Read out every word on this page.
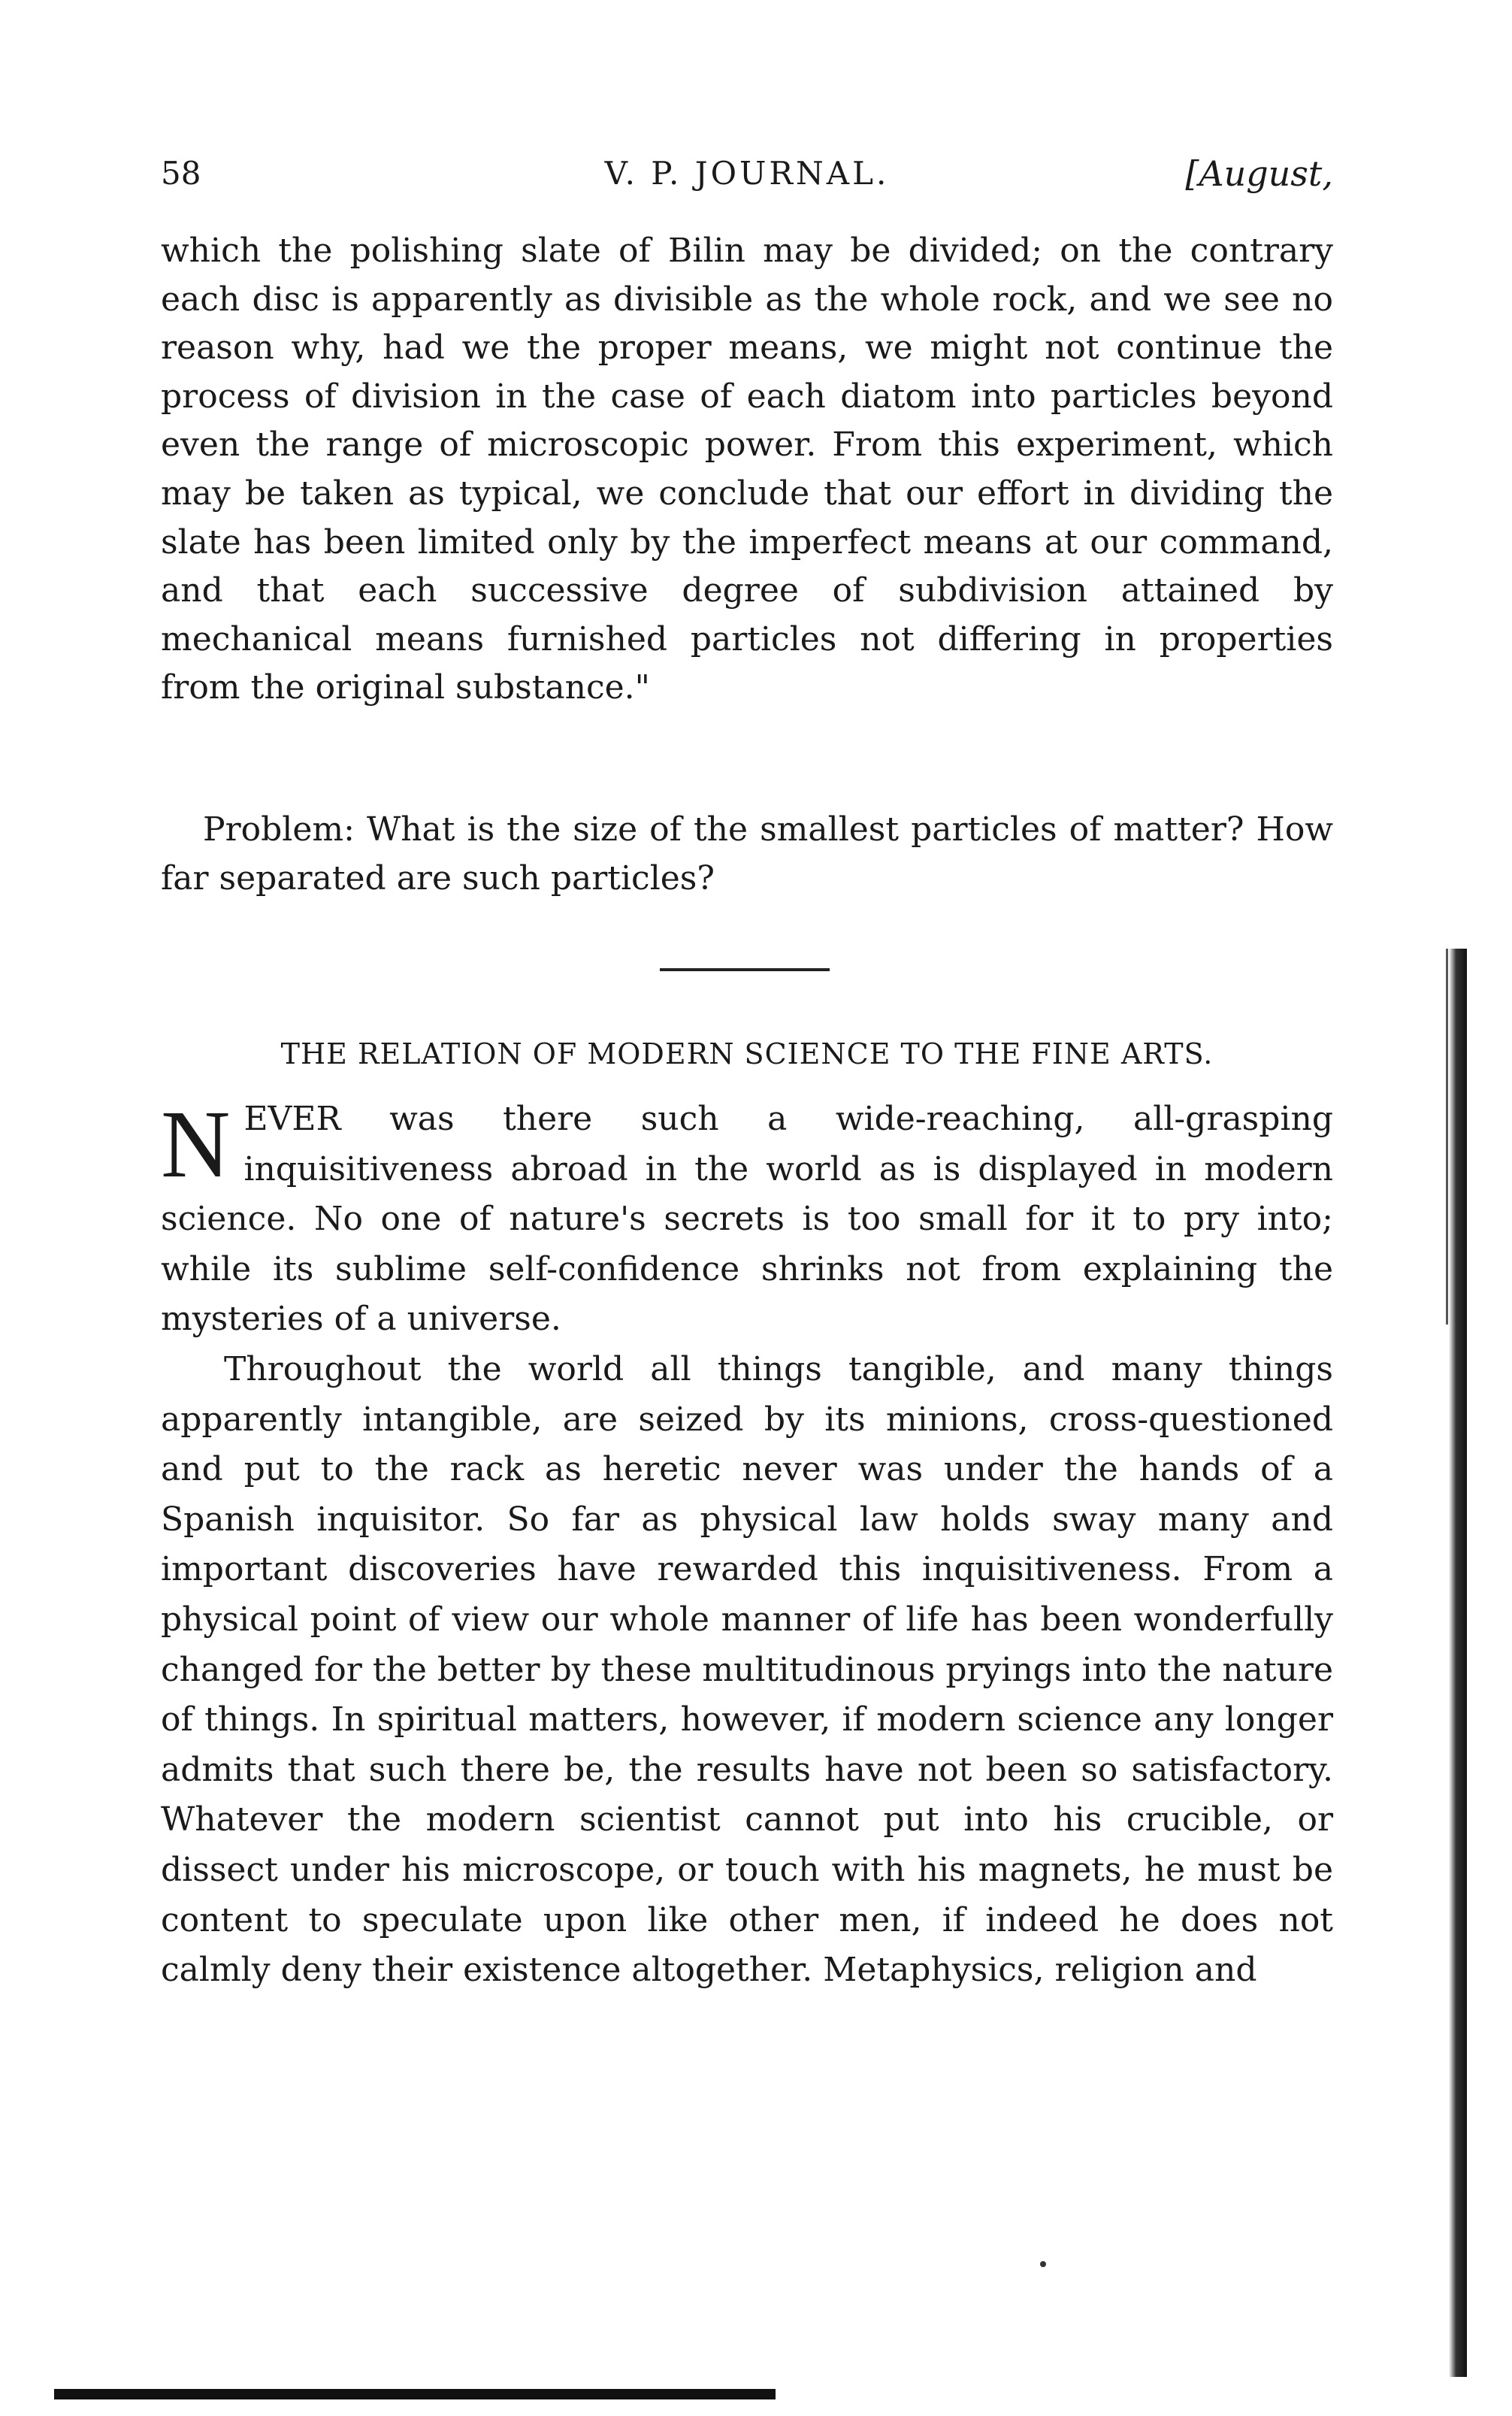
58	V. P. JOURNAL.	[August,
which the polishing slate of Bilin may be divided; on the contrary each disc is apparently as divisible as the whole rock, and we see no reason why, had we the proper means, we might not continue the process of division in the case of each diatom into particles beyond even the range of microscopic power. From this experiment, which may be taken as typical, we conclude that our effort in dividing the slate has been limited only by the imperfect means at our command, and that each successive degree of subdivision attained by mechanical means furnished particles not differing in properties from the original substance."
Problem: What is the size of the smallest particles of matter? How far separated are such particles?
THE RELATION OF MODERN SCIENCE TO THE FINE ARTS.

NEVER was there such a wide-reaching, all-grasping inquisitiveness abroad in the world as is displayed in modern science. No one of nature's secrets is too small for it to pry into; while its sublime self-confidence shrinks not from explaining the mysteries of a universe.

Throughout the world all things tangible, and many things apparently intangible, are seized by its minions, cross-questioned and put to the rack as heretic never was under the hands of a Spanish inquisitor. So far as physical law holds sway many and important discoveries have rewarded this inquisitiveness. From a physical point of view our whole manner of life has been wonderfully changed for the better by these multitudinous pryings into the nature of things. In spiritual matters, however, if modern science any longer admits that such there be, the results have not been so satisfactory. Whatever the modern scientist cannot put into his crucible, or dissect under his microscope, or touch with his magnets, he must be content to speculate upon like other men, if indeed he does not calmly deny their existence altogether. Metaphysics, religion and
